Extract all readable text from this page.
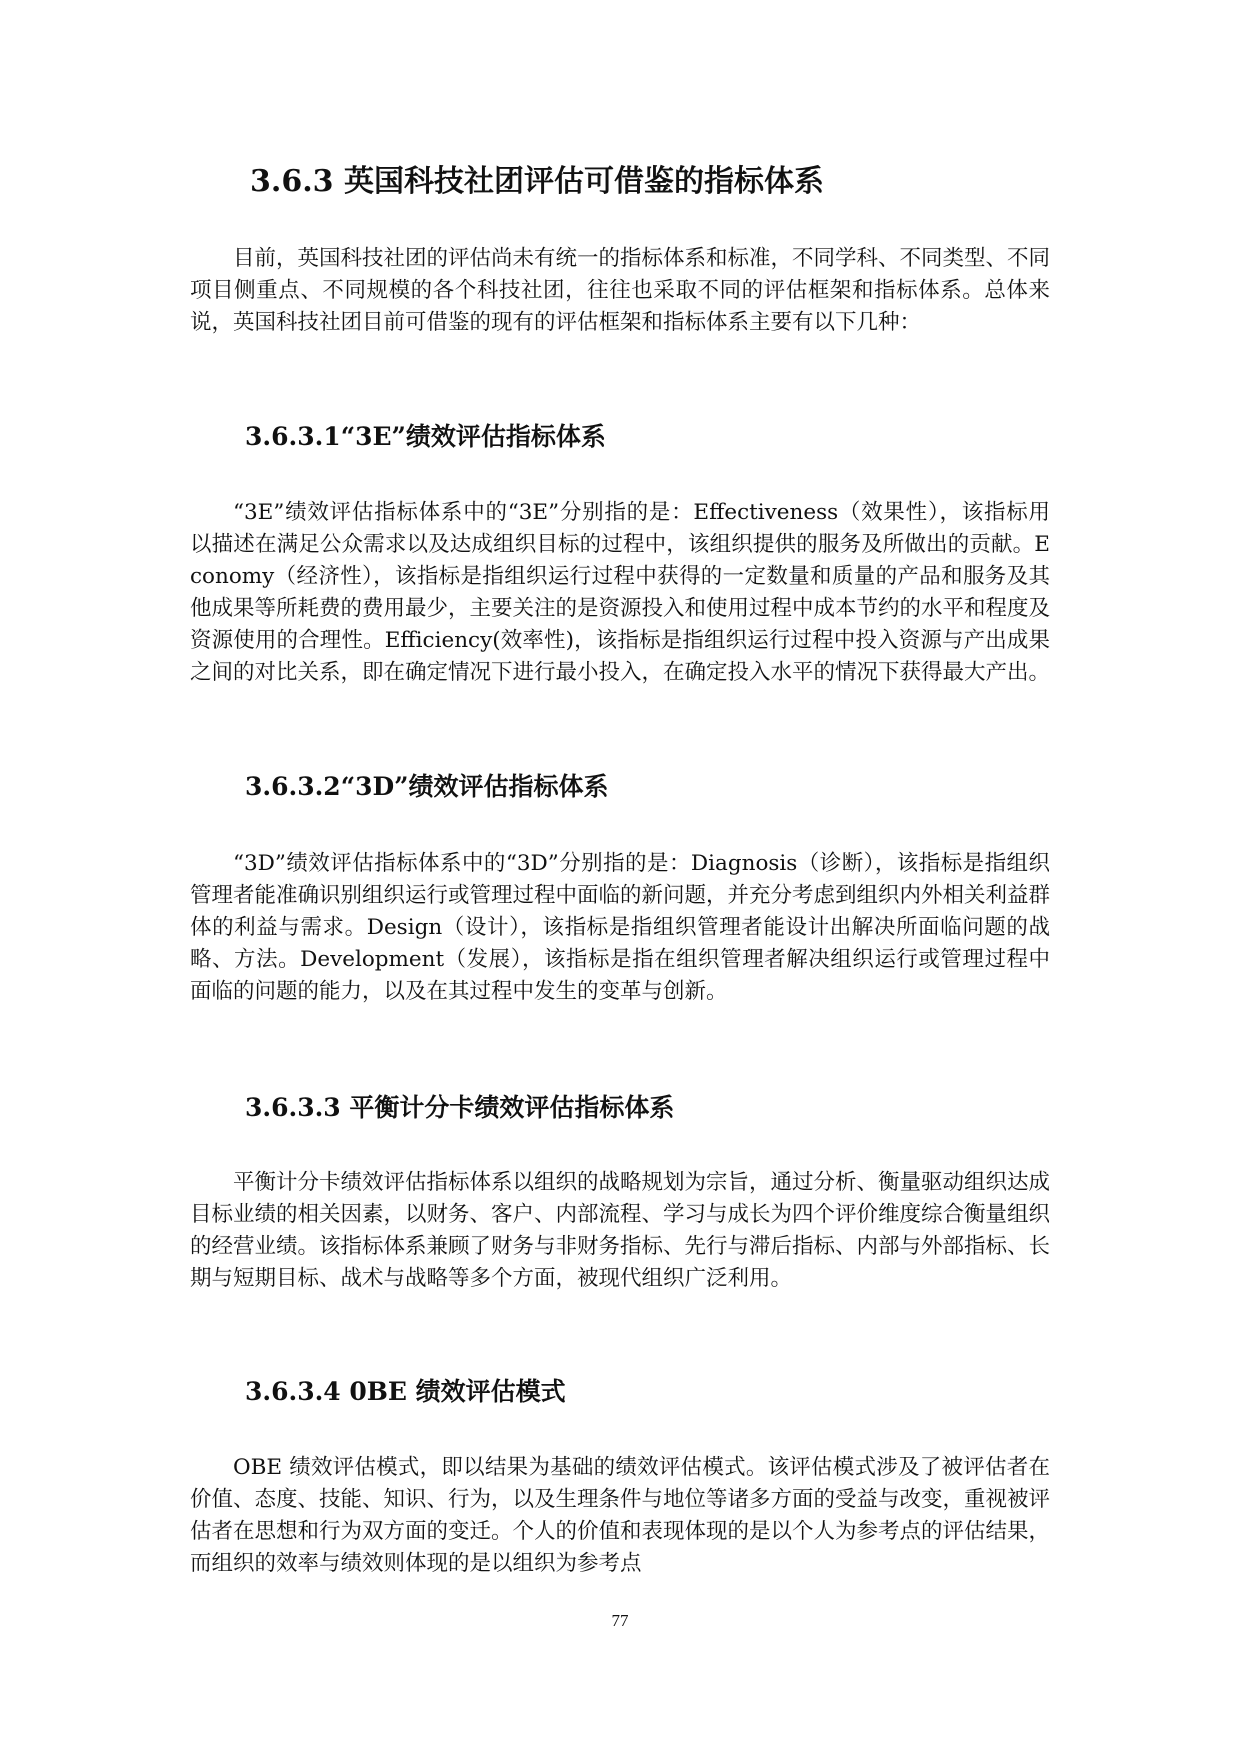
3.6.3 英国科技社团评估可借鉴的指标体系

目前，英国科技社团的评估尚未有统一的指标体系和标准，不同学科、不同类型、不同项目侧重点、不同规模的各个科技社团，往往也采取不同的评估框架和指标体系。总体来说，英国科技社团目前可借鉴的现有的评估框架和指标体系主要有以下几种：

3.6.3.1“3E”绩效评估指标体系

“3E”绩效评估指标体系中的“3E”分别指的是：Effectiveness（效果性），该指标用以描述在满足公众需求以及达成组织目标的过程中，该组织提供的服务及所做出的贡献。Economy（经济性），该指标是指组织运行过程中获得的一定数量和质量的产品和服务及其他成果等所耗费的费用最少，主要关注的是资源投入和使用过程中成本节约的水平和程度及资源使用的合理性。Efficiency(效率性)，该指标是指组织运行过程中投入资源与产出成果之间的对比关系，即在确定情况下进行最小投入，在确定投入水平的情况下获得最大产出。

3.6.3.2“3D”绩效评估指标体系

“3D”绩效评估指标体系中的“3D”分别指的是：Diagnosis（诊断），该指标是指组织管理者能准确识别组织运行或管理过程中面临的新问题，并充分考虑到组织内外相关利益群体的利益与需求。Design（设计），该指标是指组织管理者能设计出解决所面临问题的战略、方法。Development（发展），该指标是指在组织管理者解决组织运行或管理过程中面临的问题的能力，以及在其过程中发生的变革与创新。

3.6.3.3 平衡计分卡绩效评估指标体系

平衡计分卡绩效评估指标体系以组织的战略规划为宗旨，通过分析、衡量驱动组织达成目标业绩的相关因素，以财务、客户、内部流程、学习与成长为四个评价维度综合衡量组织的经营业绩。该指标体系兼顾了财务与非财务指标、先行与滞后指标、内部与外部指标、长期与短期目标、战术与战略等多个方面，被现代组织广泛利用。

3.6.3.4 0BE 绩效评估模式

OBE 绩效评估模式，即以结果为基础的绩效评估模式。该评估模式涉及了被评估者在价值、态度、技能、知识、行为，以及生理条件与地位等诸多方面的受益与改变，重视被评估者在思想和行为双方面的变迁。个人的价值和表现体现的是以个人为参考点的评估结果，而组织的效率与绩效则体现的是以组织为参考点

77
